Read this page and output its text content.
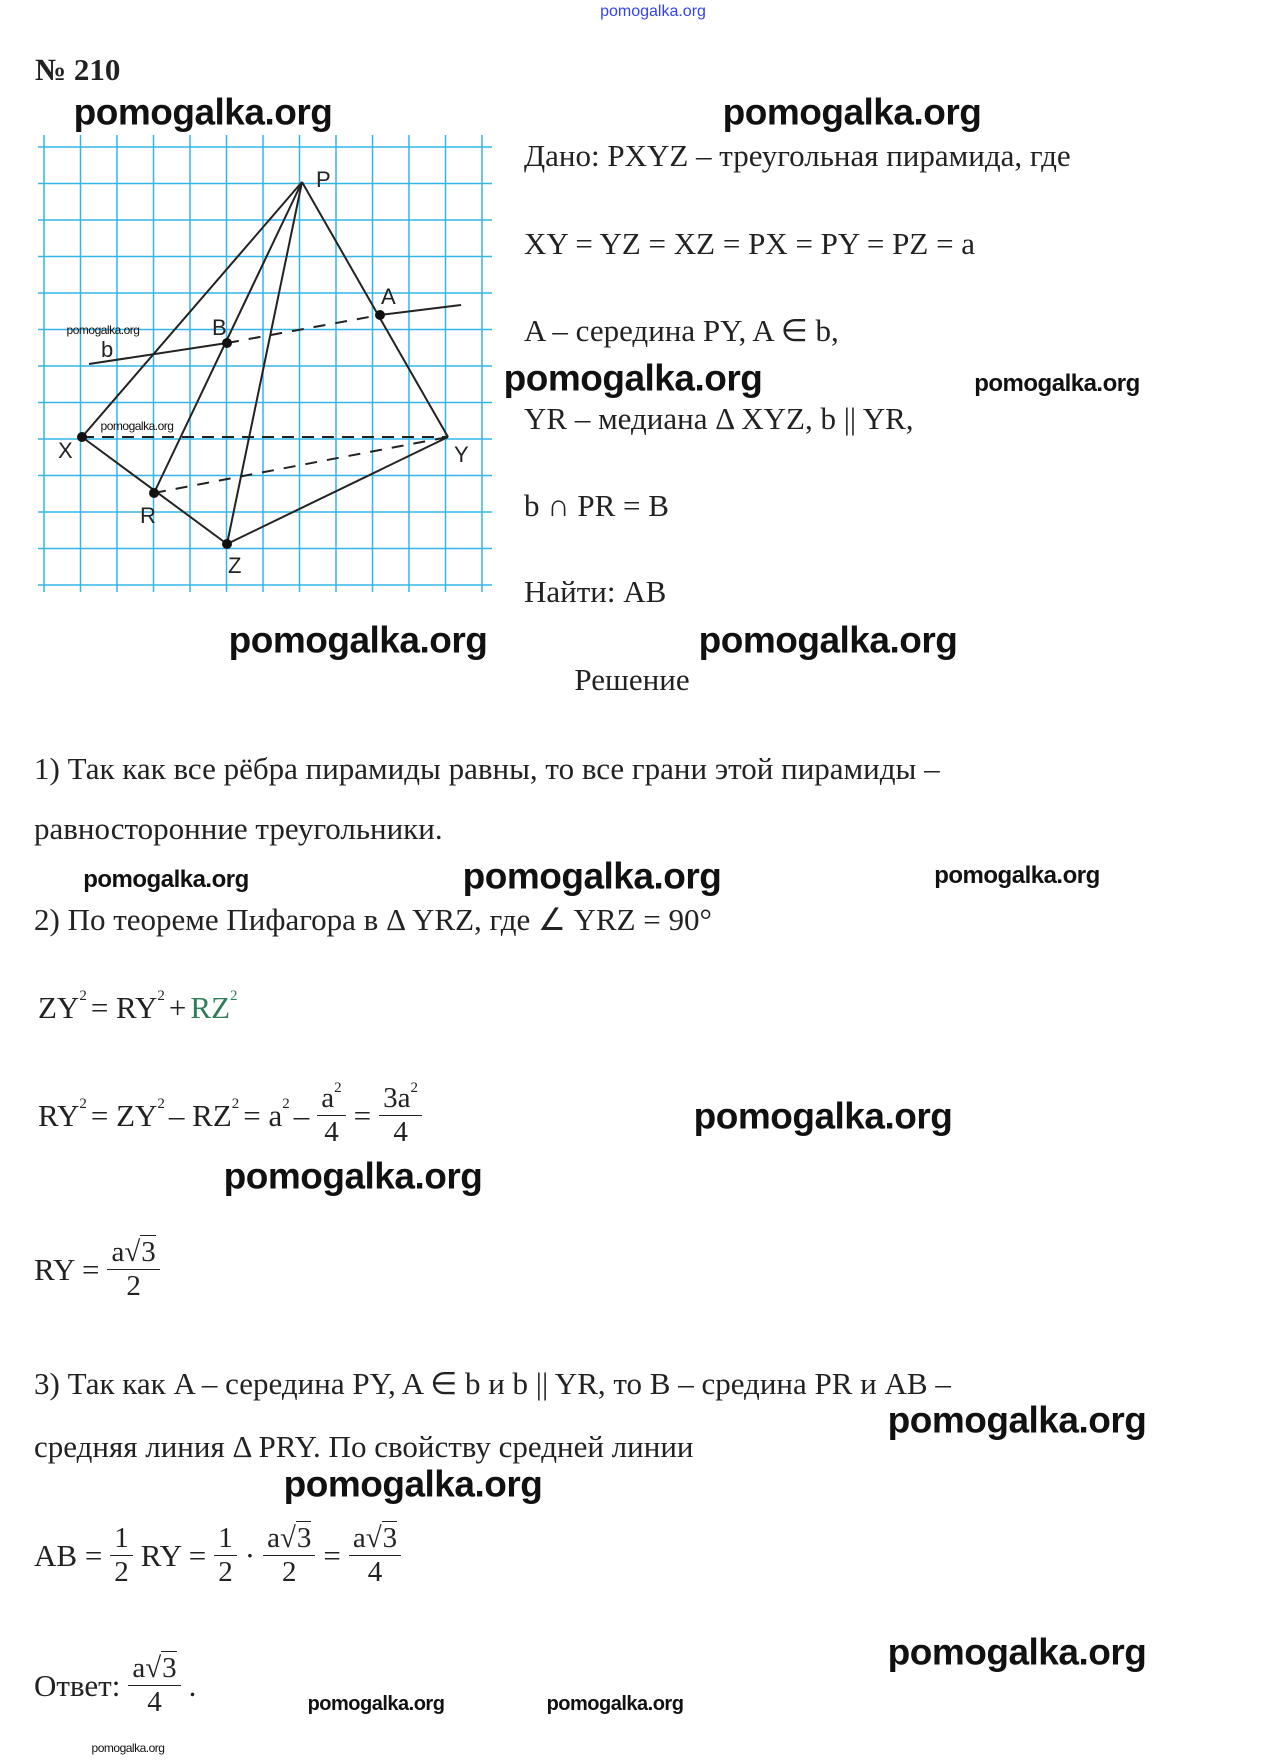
pomogalka.org
№ 210
P
A
B
b
X	Y
R
Z
Дано: PXYZ – треугольная пирамида, где
XY = YZ = XZ = PX = PY = PZ = a
A – середина PY, A ∈ b,
YR – медиана Δ XYZ, b || YR,
b ∩ PR = B
Найти: AB
Решение
1) Так как все рёбра пирамиды равны, то все грани этой пирамиды –
равносторонние треугольники.
2) По теореме Пифагора в Δ YRZ, где ∠ YRZ = 90°
$ZY^2 = RY^2 + RZ^2$
$RY^2 = ZY^2 - RZ^2 = a^2 - \frac{a^2}{4} = \frac{3a^2}{4}$
RY = $\frac{a√3}{2}$
3) Так как A – середина PY, A ∈ b и b || YR, то B – средина PR и AB –
средняя линия Δ PRY. По свойству средней линии
AB = $\frac{1}{2}$ RY = $\frac{1}{2} \cdot \frac{a√3}{2} = \frac{a√3}{4}$
Ответ: $\frac{a√3}{4}$ .
pomogalka.org	pomogalka.org
pomogalka.org	pomogalka.org
pomogalka.org	pomogalka.org
pomogalka.org	pomogalka.org	pomogalka.org
pomogalka.org
pomogalka.org
pomogalka.org
pomogalka.org
pomogalka.org
pomogalka.org	pomogalka.org
pomogalka.org
pomogalka.org
pomogalka.org
